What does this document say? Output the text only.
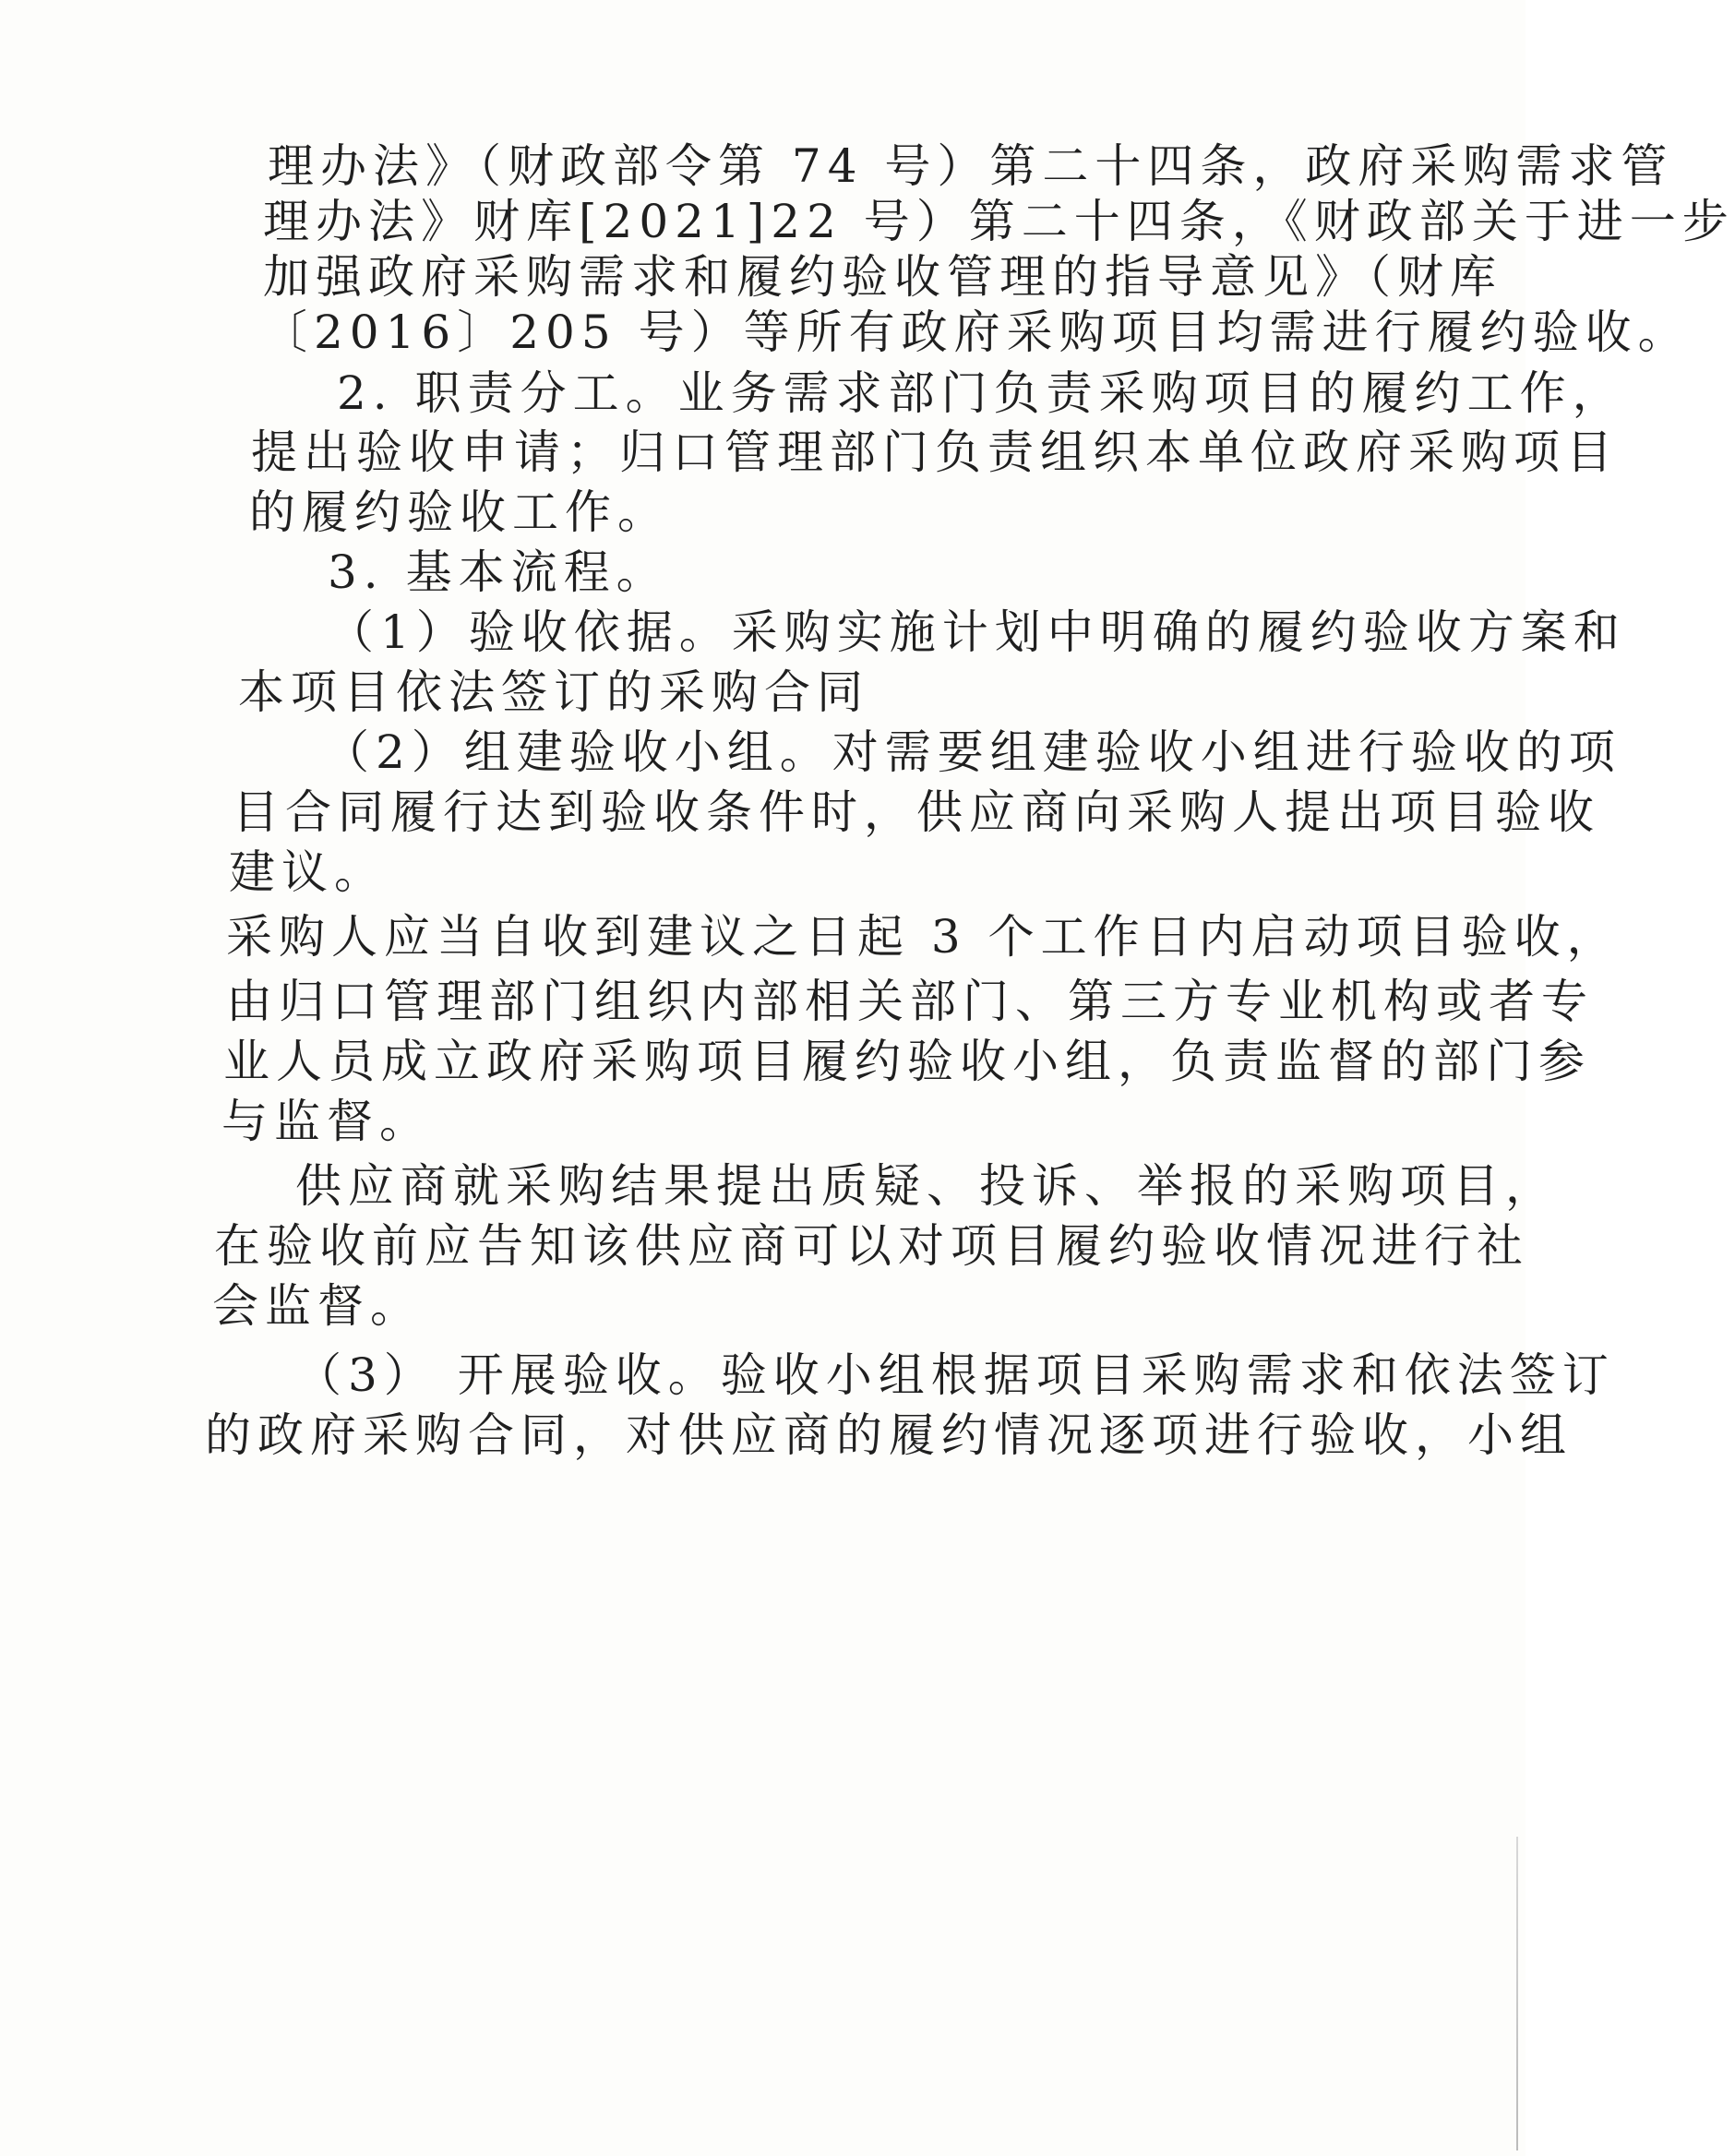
理办法》（财政部令第 74 号）第二十四条，政府采购需求管

理办法》财库[2021]22 号）第二十四条，《财政部关于进一步

加强政府采购需求和履约验收管理的指导意见》（财库

〔2016〕205 号）等所有政府采购项目均需进行履约验收。

2. 职责分工。业务需求部门负责采购项目的履约工作，

提出验收申请；归口管理部门负责组织本单位政府采购项目

的履约验收工作。

3. 基本流程。

（1）验收依据。采购实施计划中明确的履约验收方案和

本项目依法签订的采购合同

（2）组建验收小组。对需要组建验收小组进行验收的项

目合同履行达到验收条件时，供应商向采购人提出项目验收

建议。

采购人应当自收到建议之日起 3 个工作日内启动项目验收，

由归口管理部门组织内部相关部门、第三方专业机构或者专

业人员成立政府采购项目履约验收小组，负责监督的部门参

与监督。

供应商就采购结果提出质疑、投诉、举报的采购项目，

在验收前应告知该供应商可以对项目履约验收情况进行社

会监督。

（3） 开展验收。验收小组根据项目采购需求和依法签订

的政府采购合同，对供应商的履约情况逐项进行验收，小组
